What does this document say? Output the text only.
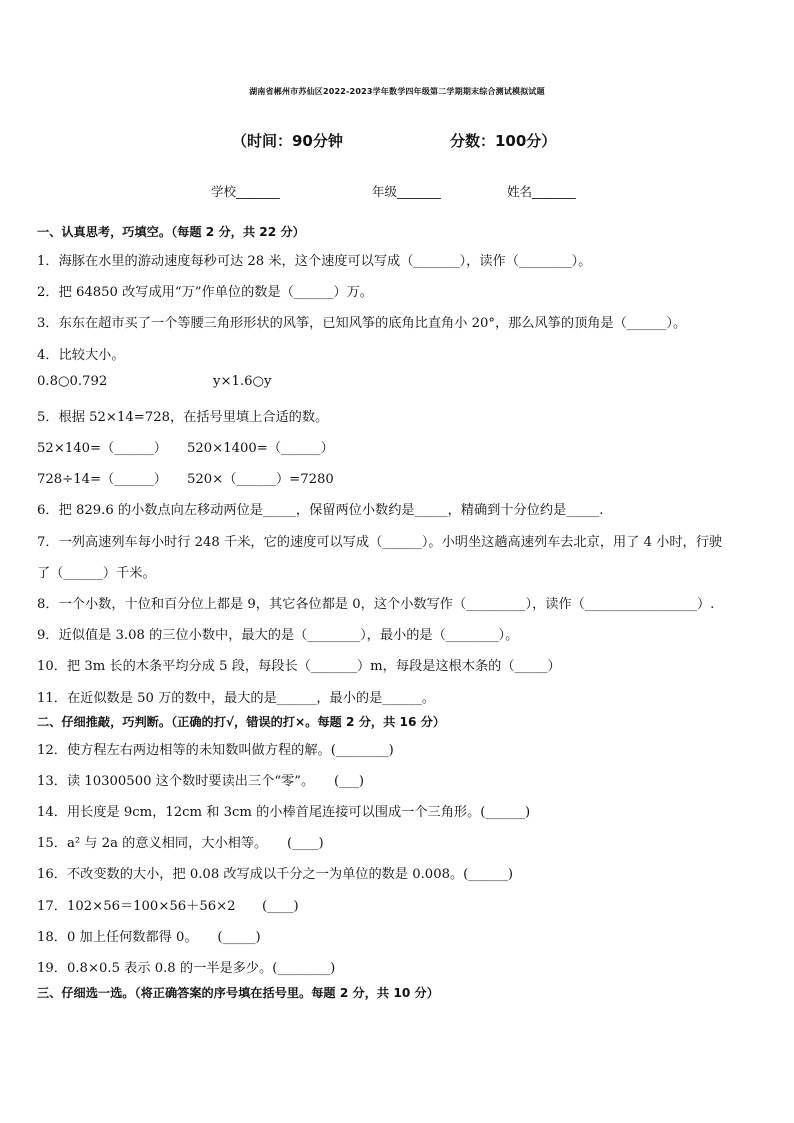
湖南省郴州市苏仙区2022-2023学年数学四年级第二学期期末综合测试模拟试题
（时间：90分钟	分数：100分）
学校_______	年级_______	姓名_______
一、认真思考，巧填空。（每题 2 分，共 22 分）
1．海豚在水里的游动速度每秒可达 28 米，这个速度可以写成（_______），读作（________）。
2．把 64850 改写成用“万”作单位的数是（______）万。
3．东东在超市买了一个等腰三角形形状的风筝，已知风筝的底角比直角小 20°，那么风筝的顶角是（______）。
4．比较大小。
0.8○0.792	y×1.6○y
5．根据 52×14=728，在括号里填上合适的数。
52×140=（______） 520×1400=（______）
728÷14=（______） 520×（______）=7280
6．把 829.6 的小数点向左移动两位是_____，保留两位小数约是_____，精确到十分位约是_____.
7．一列高速列车每小时行 248 千米，它的速度可以写成（______）。小明坐这趟高速列车去北京，用了 4 小时，行驶
了（______）千米。
8．一个小数，十位和百分位上都是 9，其它各位都是 0，这个小数写作（_________），读作（_________________）.
9．近似值是 3.08 的三位小数中，最大的是（________），最小的是（________）。
10．把 3m 长的木条平均分成 5 段，每段长（_______）m，每段是这根木条的（_____）
11．在近似数是 50 万的数中，最大的是______，最小的是______。
二、仔细推敲，巧判断。（正确的打√，错误的打×。每题 2 分，共 16 分）
12．使方程左右两边相等的未知数叫做方程的解。(________)
13．读 10300500 这个数时要读出三个“零”。　　(___)
14．用长度是 9cm，12cm 和 3cm 的小棒首尾连接可以围成一个三角形。(______)
15．a² 与 2a 的意义相同，大小相等。　　(____)
16．不改变数的大小，把 0.08 改写成以千分之一为单位的数是 0.008。(______)
17．102×56＝100×56＋56×2　　(____)
18．0 加上任何数都得 0。　　(_____)
19．0.8×0.5 表示 0.8 的一半是多少。(________)
三、仔细选一选。（将正确答案的序号填在括号里。每题 2 分，共 10 分）
